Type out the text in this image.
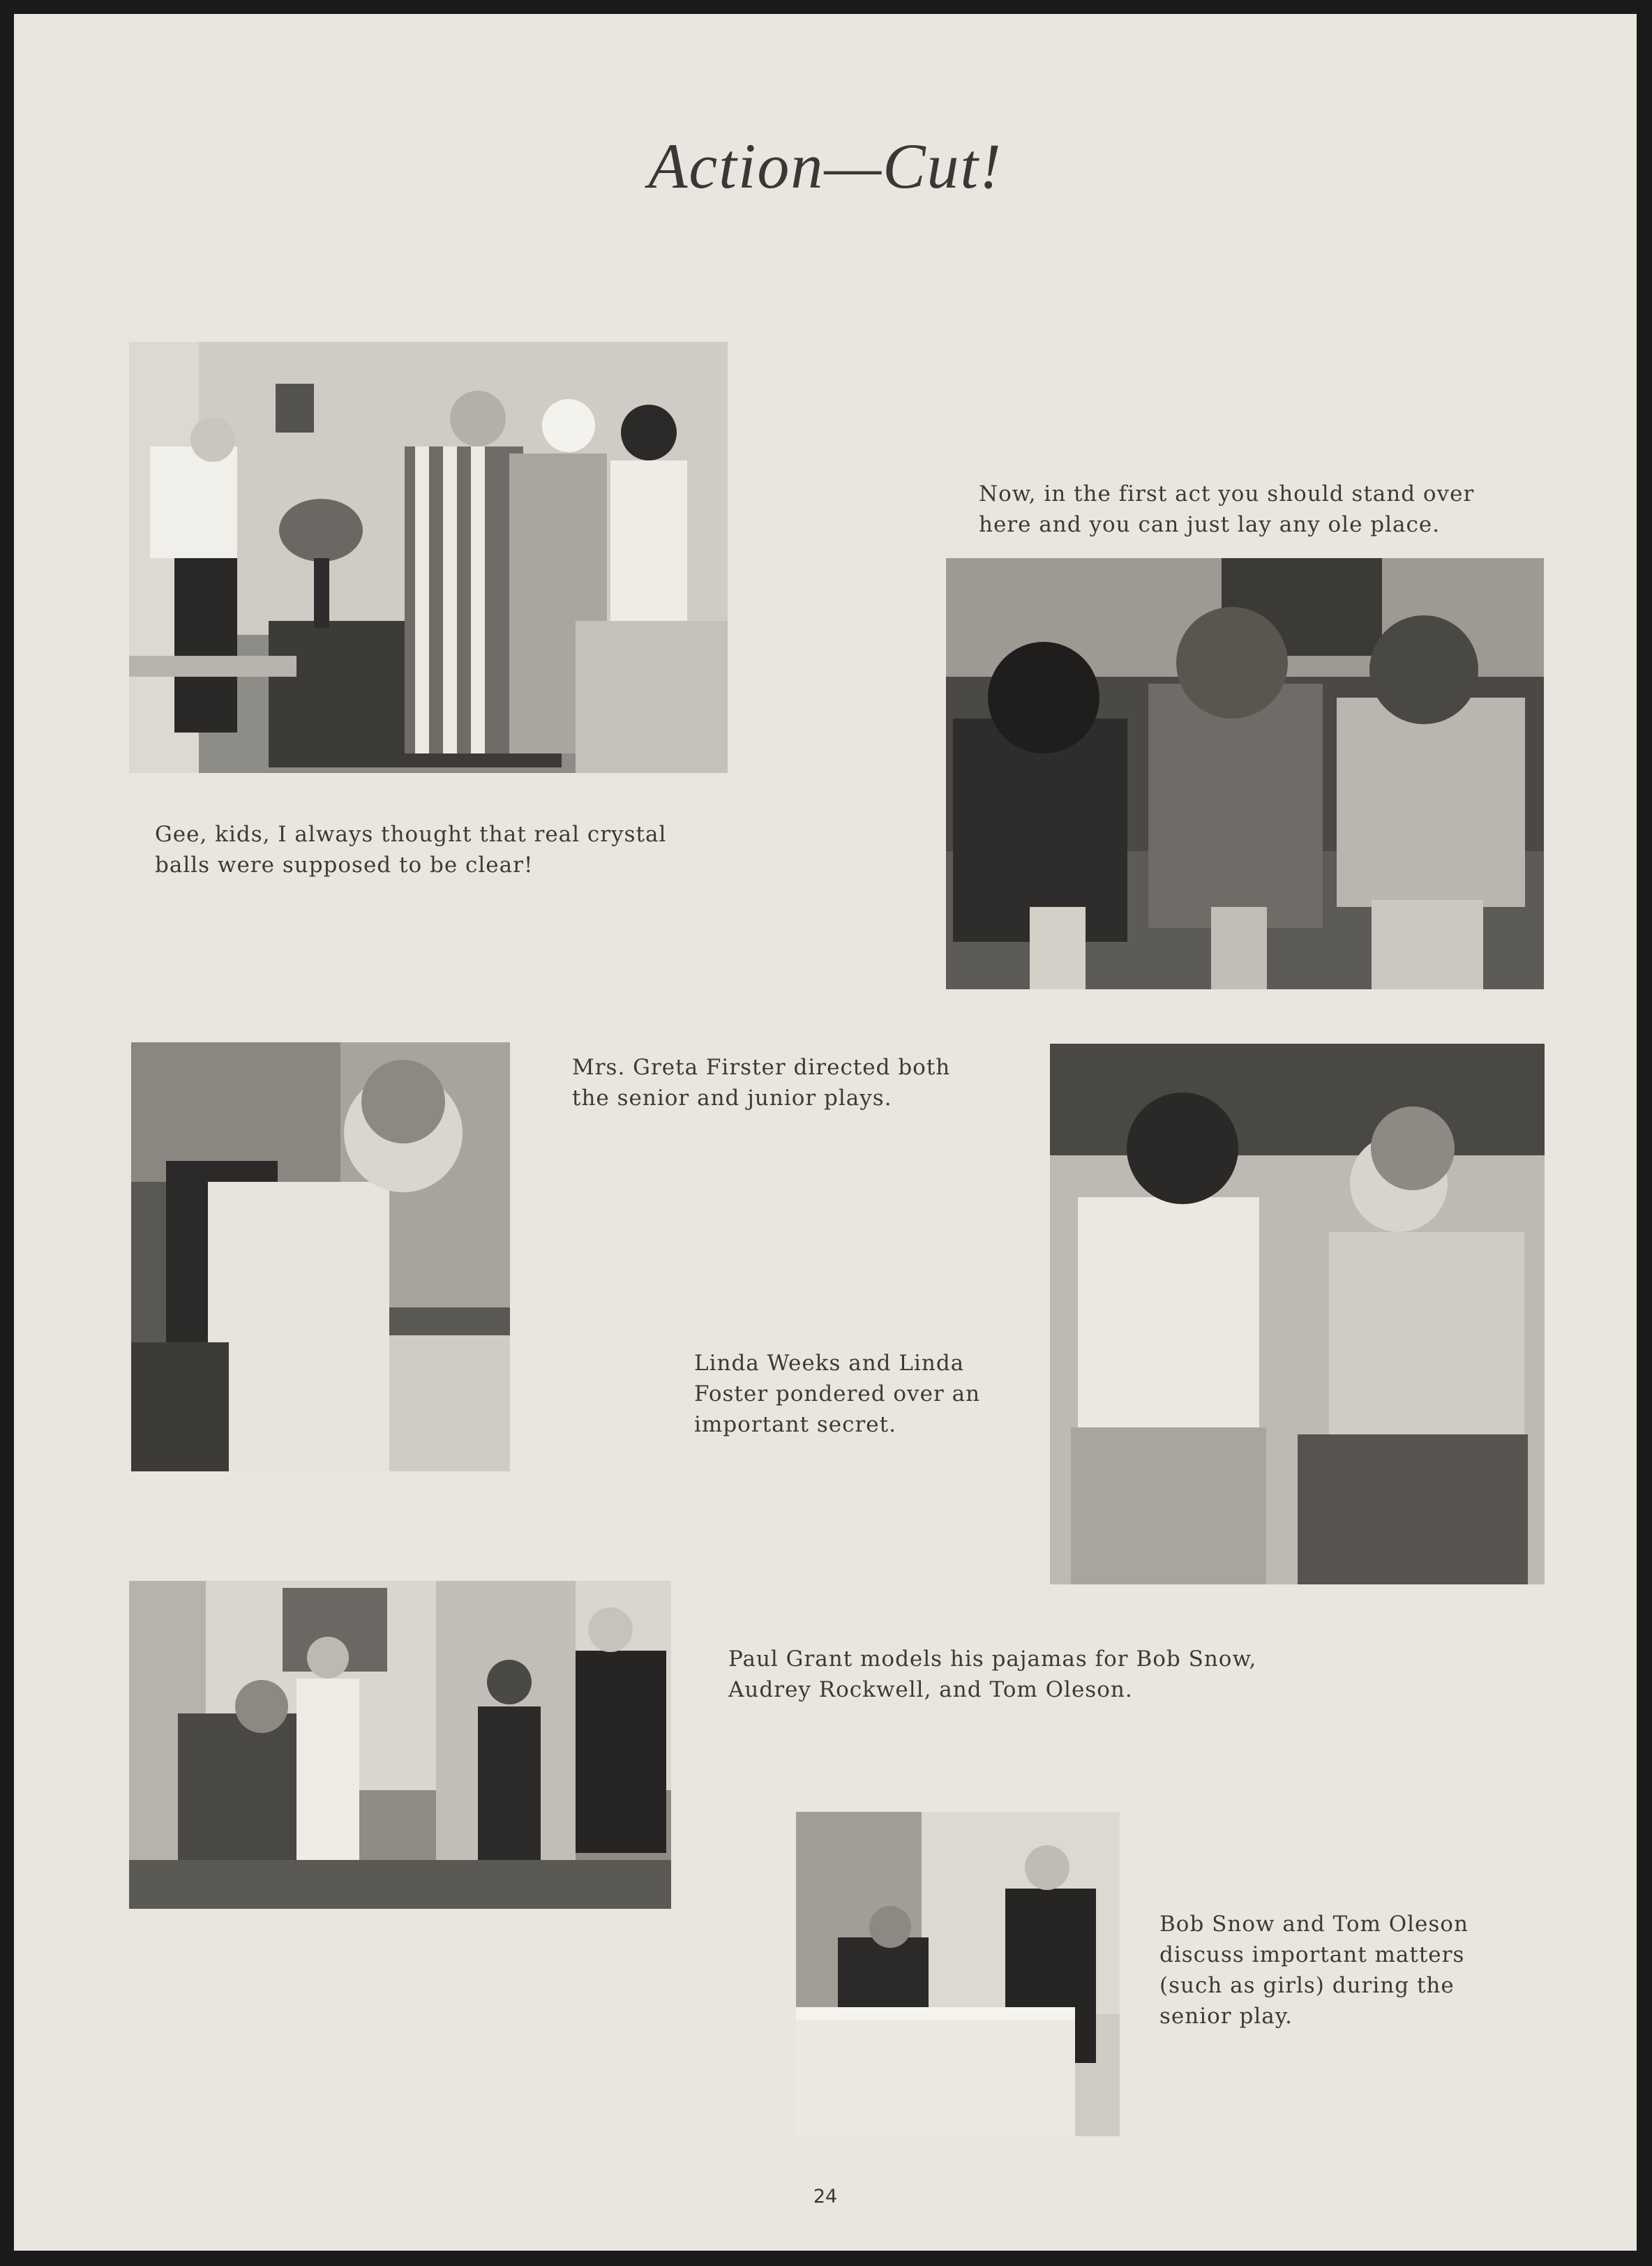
Action—Cut!
Gee, kids, I always thought that real crystal
balls were supposed to be clear!
Now, in the first act you should stand over
here and you can just lay any ole place.
Mrs. Greta Firster directed both
the senior and junior plays.
Linda Weeks and Linda
Foster pondered over an
important secret.
Paul Grant models his pajamas for Bob Snow,
Audrey Rockwell, and Tom Oleson.
Bob Snow and Tom Oleson
discuss important matters
(such as girls) during the
senior play.
24
